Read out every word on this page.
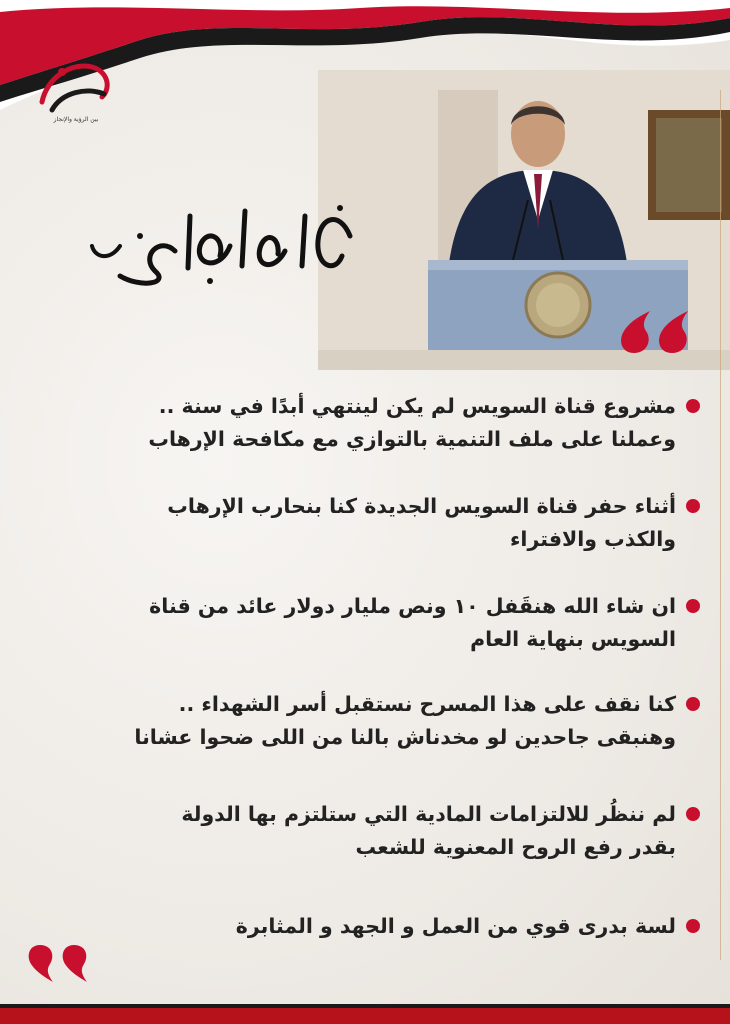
بين الرؤية والإنجاز
مشروع قناة السويس لم يكن لينتهي أبدًا في سنة ..
وعملنا على ملف التنمية بالتوازي مع مكافحة الإرهاب
أثناء حفر قناة السويس الجديدة كنا بنحارب الإرهاب
والكذب والافتراء
ان شاء الله هنقَفل ١٠ ونص مليار دولار عائد من قناة
السويس بنهاية العام
كنا نقف على هذا المسرح نستقبل أسر الشهداء ..
وهنبقى جاحدين لو مخدناش بالنا من اللى ضحوا عشانا
لم ننظُر للالتزامات المادية التي ستلتزم بها الدولة
بقدر رفع الروح المعنوية للشعب
لسة بدرى قوي من العمل و الجهد و المثابرة
